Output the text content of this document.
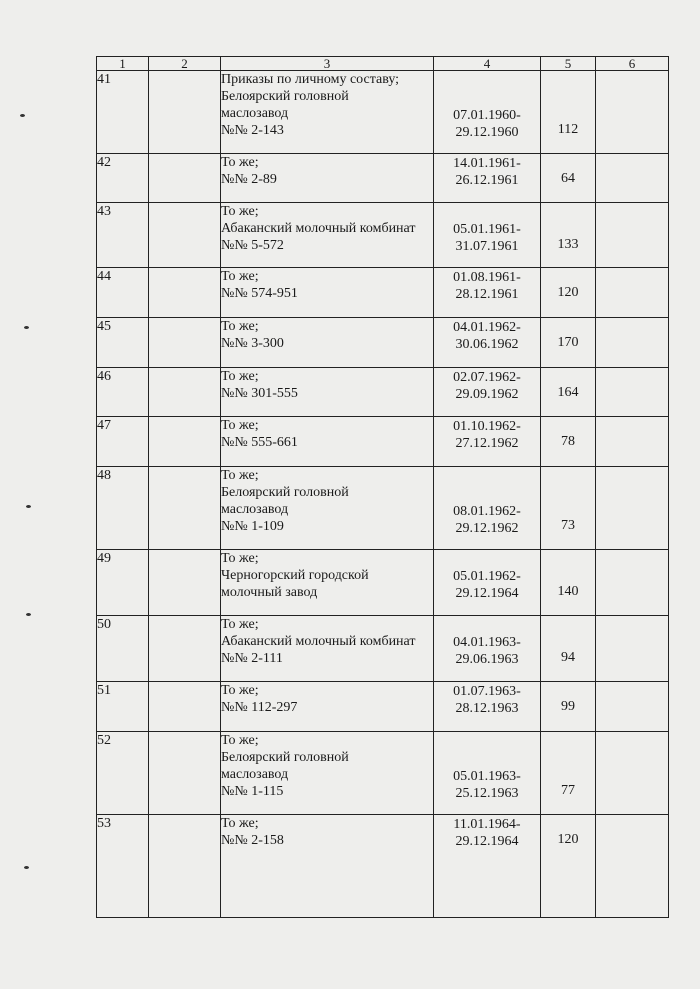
1	2	3	4	5	6
41		Приказы по личному составу;
Белоярский головной
маслозавод
№№ 2-143	07.01.1960-
29.12.1960	112	

42		То же;
№№ 2-89	14.01.1961-
26.12.1961	64	

43		То же;
Абаканский молочный комбинат
№№ 5-572	05.01.1961-
31.07.1961	133	

44		То же;
№№ 574-951	01.08.1961-
28.12.1961	120	

45		То же;
№№ 3-300	04.01.1962-
30.06.1962	170	

46		То же;
№№ 301-555	02.07.1962-
29.09.1962	164	

47		То же;
№№ 555-661	01.10.1962-
27.12.1962	78	

48		То же;
Белоярский головной
маслозавод
№№ 1-109	08.01.1962-
29.12.1962	73	

49		То же;
Черногорский городской
молочный завод	05.01.1962-
29.12.1964	140	

50		То же;
Абаканский молочный комбинат
№№ 2-111	04.01.1963-
29.06.1963	94	

51		То же;
№№ 112-297	01.07.1963-
28.12.1963	99	

52		То же;
Белоярский головной
маслозавод
№№ 1-115	05.01.1963-
25.12.1963	77	

53		То же;
№№ 2-158	11.01.1964-
29.12.1964	120	
